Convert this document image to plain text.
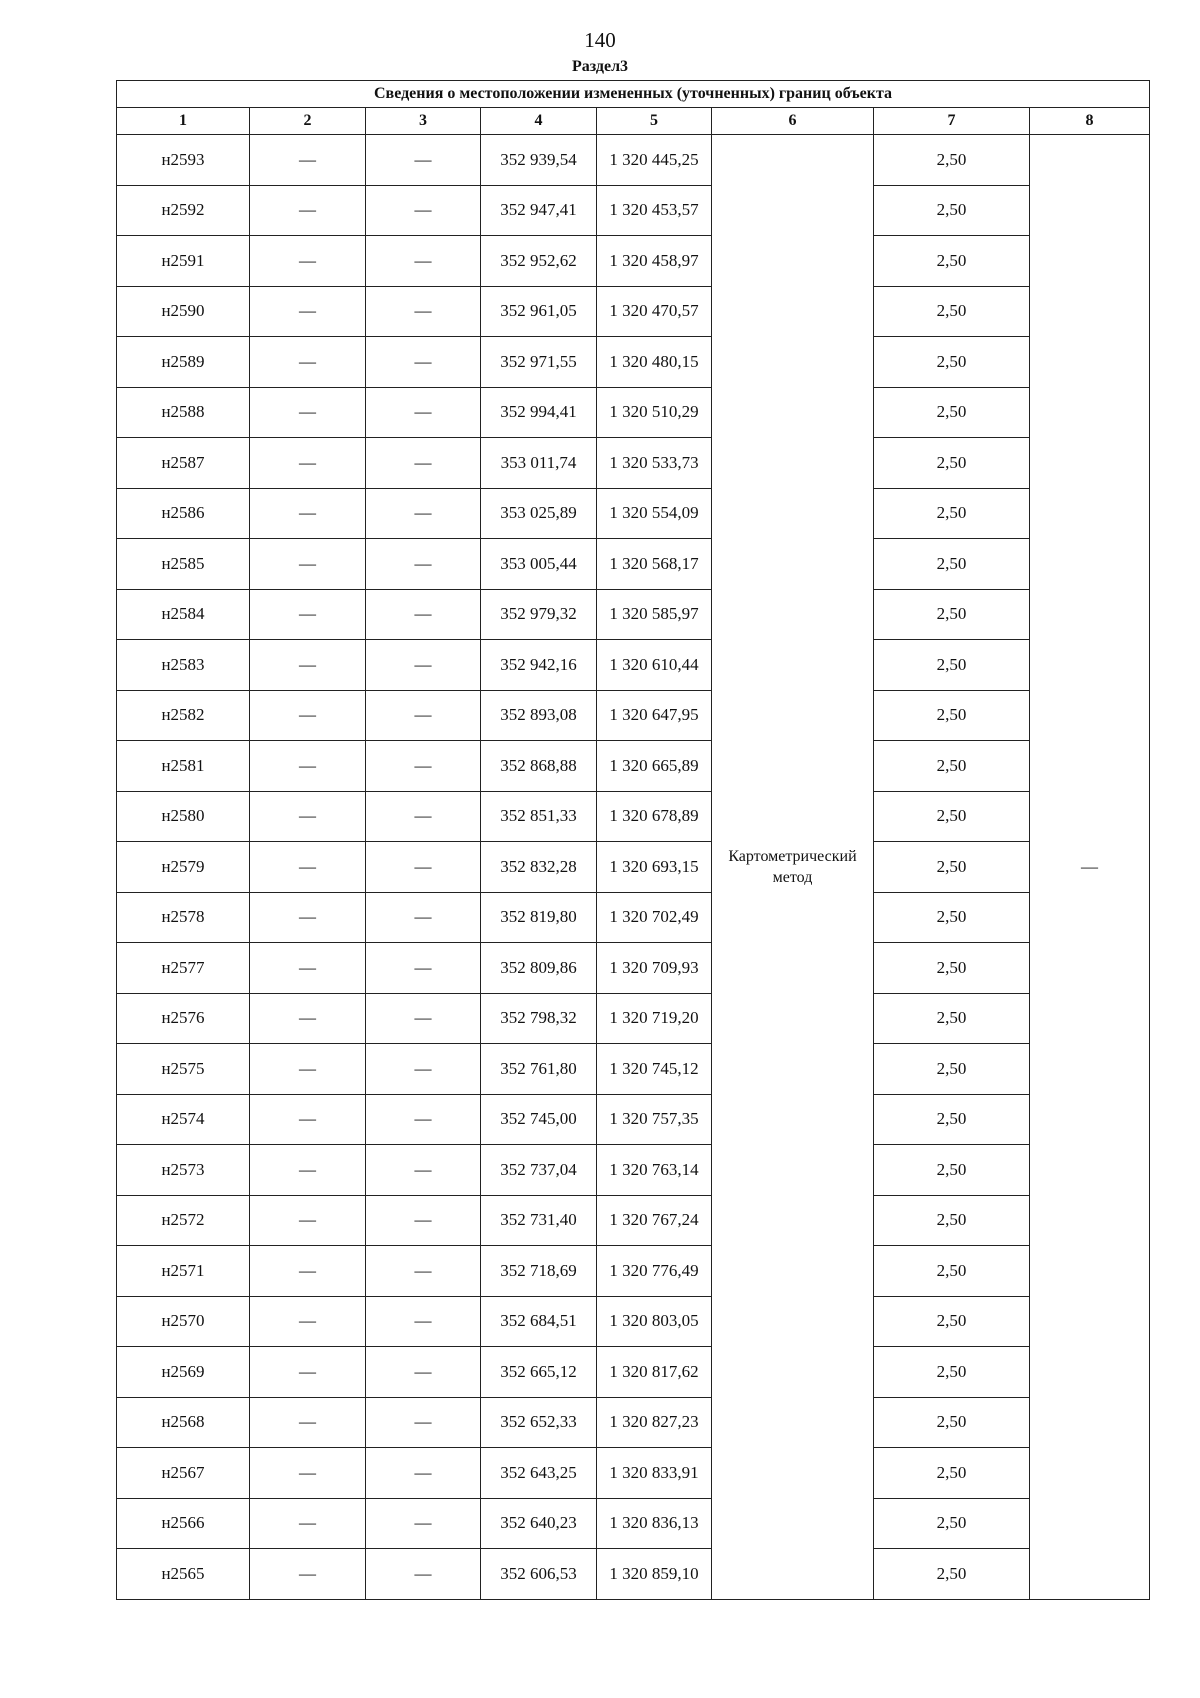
140
Раздел3
Сведения о местоположении измененных (уточненных) границ объекта							
1	2	3	4	5	6	7	8
н2593	—	—	352 939,54	1 320 445,25	Картометрический метод	2,50	—
н2592	—	—	352 947,41	1 320 453,57		2,50	
н2591	—	—	352 952,62	1 320 458,97		2,50	
н2590	—	—	352 961,05	1 320 470,57		2,50	
н2589	—	—	352 971,55	1 320 480,15		2,50	
н2588	—	—	352 994,41	1 320 510,29		2,50	
н2587	—	—	353 011,74	1 320 533,73		2,50	
н2586	—	—	353 025,89	1 320 554,09		2,50	
н2585	—	—	353 005,44	1 320 568,17		2,50	
н2584	—	—	352 979,32	1 320 585,97		2,50	
н2583	—	—	352 942,16	1 320 610,44		2,50	
н2582	—	—	352 893,08	1 320 647,95		2,50	
н2581	—	—	352 868,88	1 320 665,89		2,50	
н2580	—	—	352 851,33	1 320 678,89		2,50	
н2579	—	—	352 832,28	1 320 693,15		2,50	
н2578	—	—	352 819,80	1 320 702,49		2,50	
н2577	—	—	352 809,86	1 320 709,93		2,50	
н2576	—	—	352 798,32	1 320 719,20		2,50	
н2575	—	—	352 761,80	1 320 745,12		2,50	
н2574	—	—	352 745,00	1 320 757,35		2,50	
н2573	—	—	352 737,04	1 320 763,14		2,50	
н2572	—	—	352 731,40	1 320 767,24		2,50	
н2571	—	—	352 718,69	1 320 776,49		2,50	
н2570	—	—	352 684,51	1 320 803,05		2,50	
н2569	—	—	352 665,12	1 320 817,62		2,50	
н2568	—	—	352 652,33	1 320 827,23		2,50	
н2567	—	—	352 643,25	1 320 833,91		2,50	
н2566	—	—	352 640,23	1 320 836,13		2,50	
н2565	—	—	352 606,53	1 320 859,10		2,50	
